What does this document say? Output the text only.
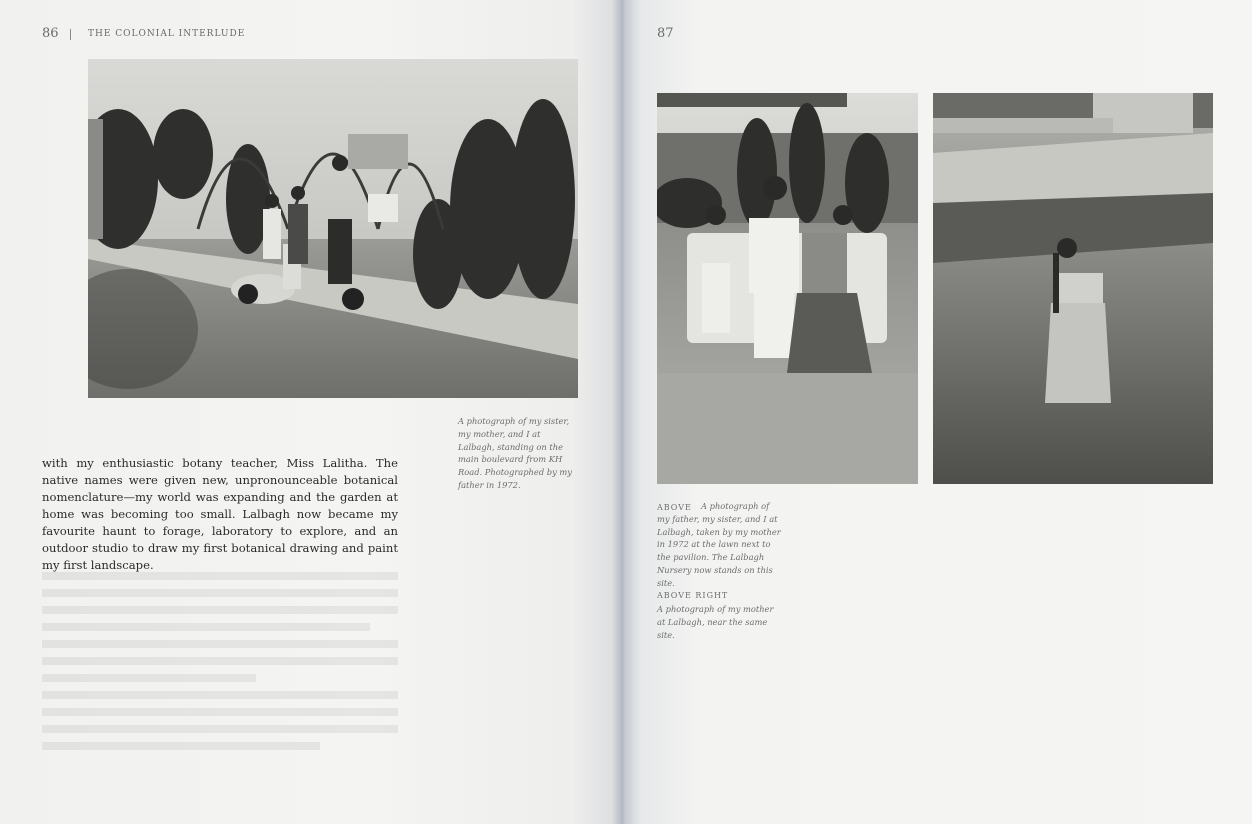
86	THE COLONIAL INTERLUDE

with my enthusiastic botany teacher, Miss Lalitha. The native names were given new, unpronounceable botanical nomenclature—my world was expanding and the garden at home was becoming too small. Lalbagh now became my favourite haunt to forage, laboratory to explore, and an outdoor studio to draw my first botanical drawing and paint my first landscape.

A photograph of my sister, my mother, and I at Lalbagh, standing on the main boulevard from KH Road. Photographed by my father in 1972.

87
ABOVE	A photograph of my father, my sister, and I at Lalbagh, taken by my mother in 1972 at the lawn next to the pavilion. The Lalbagh Nursery now stands on this site.

ABOVE RIGHT

A photograph of my mother at Lalbagh, near the same site.
